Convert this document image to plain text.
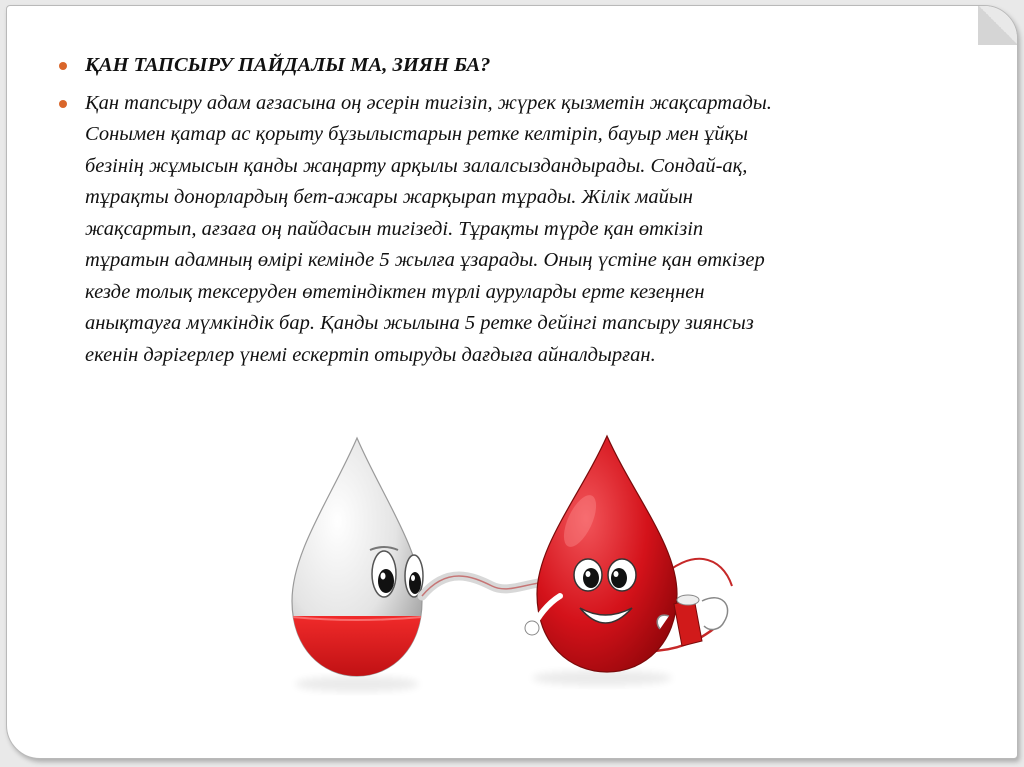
ҚАН ТАПСЫРУ ПАЙДАЛЫ МА, ЗИЯН БА?
Қан тапсыру адам ағзасына оң әсерін тигізіп, жүрек қызметін жақсартады.
Сонымен қатар ас қорыту бұзылыстарын ретке келтіріп, бауыр мен ұйқы
безінің жұмысын қанды жаңарту арқылы залалсыздандырады. Сондай-ақ,
тұрақты донорлардың бет-ажары жарқырап тұрады. Жілік майын
жақсартып, ағзаға оң пайдасын тигізеді. Тұрақты түрде қан өткізіп
тұратын адамның өмірі кемінде 5 жылға ұзарады. Оның үстіне қан өткізер
кезде толық тексеруден өтетіндіктен түрлі ауруларды ерте кезеңнен
анықтауға мүмкіндік бар. Қанды жылына 5 ретке дейінгі тапсыру зиянсыз
екенін дәрігерлер үнемі ескертіп отыруды дағдыға айналдырған.
